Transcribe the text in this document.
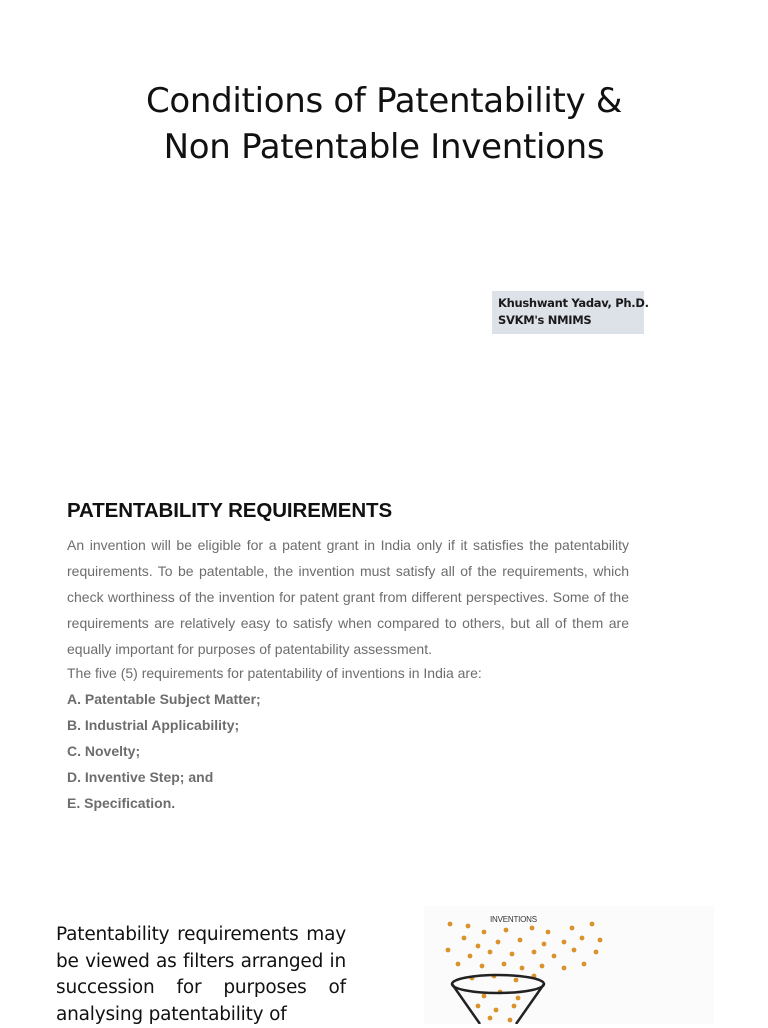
Conditions of Patentability &
Non Patentable Inventions
Khushwant Yadav, Ph.D.
SVKM's NMIMS
PATENTABILITY REQUIREMENTS

An invention will be eligible for a patent grant in India only if it satisfies the patentability requirements. To be patentable, the invention must satisfy all of the requirements, which check worthiness of the invention for patent grant from different perspectives. Some of the requirements are relatively easy to satisfy when compared to others, but all of them are equally important for purposes of patentability assessment.

The five (5) requirements for patentability of inventions in India are:

A. Patentable Subject Matter;
B. Industrial Applicability;
C. Novelty;
D. Inventive Step; and
E. Specification.

Patentability requirements may be viewed as filters arranged in succession for purposes of analysing patentability of

INVENTIONS
